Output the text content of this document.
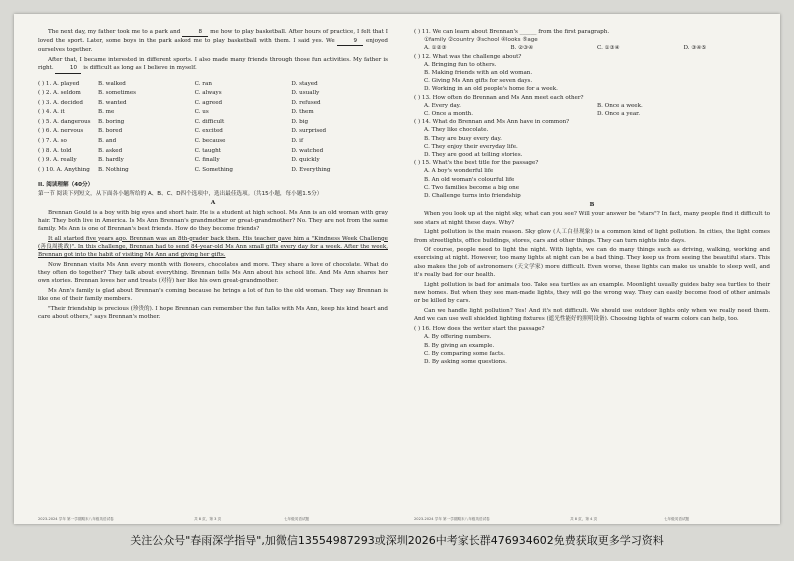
The next day, my father took me to a park and	8 me how to play basketball. After hours of practice, I felt that I loved the sport. Later, some boys in the park asked me to play basketball with them. I said yes. We	9 enjoyed ourselves together.

After that, I became interested in different sports. I also made many friends through those fun activities. My father is right.	10 is difficult as long as I believe in myself.

( ) 1. A. played	B. walked	C. ran	D. stayed
( ) 2. A. seldom	B. sometimes	C. always	D. usually
( ) 3. A. decided	B. wanted	C. agreed	D. refused
( ) 4. A. it	B. me	C. us	D. them
( ) 5. A. dangerous	B. boring	C. difficult	D. big
( ) 6. A. nervous	B. bored	C. excited	D. surprised
( ) 7. A. so	B. and	C. because	D. if
( ) 8. A. told	B. asked	C. taught	D. watched
( ) 9. A. really	B. hardly	C. finally	D. quickly
( ) 10. A. Anything	B. Nothing	C. Something	D. Everything
II. 阅读理解（40分）

第一节 阅读下列短文，从下面各小题所给的 A、B、C、D四个选项中，选出最佳选项。（共15小题，每小题1.5分）

A

Brennan Gould is a boy with big eyes and short hair. He is a student at high school. Ms Ann is an old woman with gray hair. They both live in America. Is Ms Ann Brennan's grandmother or great-grandmother? No. They are not from the same family. Ms Ann is one of Brennan's best friends. How do they become friends?

It all started five years ago. Brennan was an 8th-grader back then. His teacher gave him a "Kindness Week Challenge (善良周挑战)". In this challenge, Brennan had to send 84-year-old Ms Ann small gifts every day for a week. After the week, Brennan got into the habit of visiting Ms Ann and giving her gifts.

Now Brennan visits Ms Ann every month with flowers, chocolates and more. They share a love of chocolate. What do they often do together? They talk about everything. Brennan tells Ms Ann about his school life. And Ms Ann shares her own stories. Brennan loves her and treats (对待) her like his own great-grandmother.

Ms Ann's family is glad about Brennan's coming because he brings a lot of fun to the old woman. They say Brennan is like one of their family members.

"Their friendship is precious (珍贵的). I hope Brennan can remember the fun talks with Ms Ann, keep his kind heart and care about others," says Brennan's mother.

( ) 11. We can learn about Brennan's ______ from the first paragraph.

①family ②country ③school ④looks ⑤age

A. ①②③	B. ②③④	C. ①③④	D. ③④⑤

( ) 12. What was the challenge about?

A. Bringing fun to others.

B. Making friends with an old woman.

C. Giving Ms Ann gifts for seven days.

D. Working in an old people's home for a week.

( ) 13. How often do Brennan and Ms Ann meet each other?

A. Every day.	B. Once a week.
C. Once a month.	D. Once a year.

( ) 14. What do Brennan and Ms Ann have in common?

A. They like chocolate.

B. They are busy every day.

C. They enjoy their everyday life.

D. They are good at telling stories.

( ) 15. What's the best title for the passage?

A. A boy's wonderful life

B. An old woman's colourful life

C. Two families become a big one

D. Challenge turns into friendship

B

When you look up at the night sky, what can you see? Will your answer be "stars"? In fact, many people find it difficult to see stars at night these days. Why?

Light pollution is the main reason. Sky glow (人工白昼现象) is a common kind of light pollution. In cities, the light comes from streetlights, office buildings, stores, cars and other things. They can turn nights into days.

Of course, people need to light the night. With lights, we can do many things such as driving, walking, working and exercising at night. However, too many lights at night can be a bad thing. They keep us from seeing the beautiful stars. This also makes the job of astronomers (天文学家) more difficult. Even worse, these lights can make us unable to sleep well, and it's really bad for our health.

Light pollution is bad for animals too. Take sea turtles as an example. Moonlight usually guides baby sea turtles to their new homes. But when they see man-made lights, they will go the wrong way. They can easily become food of other animals or be killed by cars.

Can we handle light pollution? Yes! And it's not difficult. We should use outdoor lights only when we really need them. And we can use well shielded lighting fixtures (遮光性能好的照明设备). Choosing lights of warm colors can help, too.

( ) 16. How does the writer start the passage?

A. By offering numbers.

B. By giving an example.

C. By comparing some facts.

D. By asking some questions.

2023-2024 学年 第一学期期末八年级英语试卷	共 8 页，第 3 页	七年级英语试题	2023-2024 学年 第一学期期末八年级英语试卷	共 8 页，第 4 页	七年级英语试题
关注公众号"春雨深学指导",加微信13554987293或深圳2026中考家长群476934602免费获取更多学习资料
